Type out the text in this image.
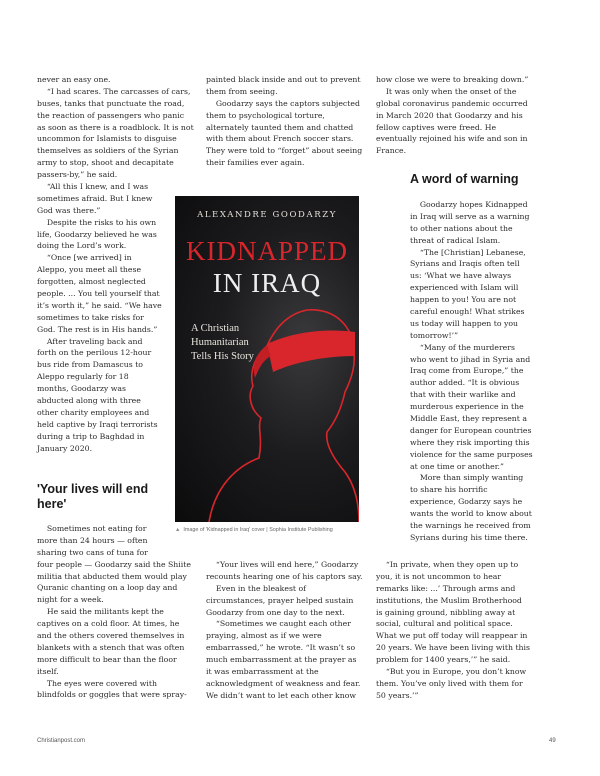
never an easy one.
“I had scares. The carcasses of cars,
buses, tanks that punctuate the road,
the reaction of passengers who panic
as soon as there is a roadblock. It is not
uncommon for Islamists to disguise
themselves as soldiers of the Syrian
army to stop, shoot and decapitate
passers-by,” he said.
“All this I knew, and I was
sometimes afraid. But I knew
God was there.”
Despite the risks to his own
life, Goodarzy believed he was
doing the Lord’s work.
“Once [we arrived] in
Aleppo, you meet all these
forgotten, almost neglected
people. ... You tell yourself that
it’s worth it,” he said. “We have
sometimes to take risks for
God. The rest is in His hands.”
After traveling back and
forth on the perilous 12-hour
bus ride from Damascus to
Aleppo regularly for 18
months, Goodarzy was
abducted along with three
other charity employees and
held captive by Iraqi terrorists
during a trip to Baghdad in
January 2020.
'Your lives will end
here'
Sometimes not eating for
more than 24 hours — often
sharing two cans of tuna for
four people — Goodarzy said the Shiite
militia that abducted them would play
Quranic chanting on a loop day and
night for a week.
He said the militants kept the
captives on a cold floor. At times, he
and the others covered themselves in
blankets with a stench that was often
more difficult to bear than the floor
itself.
The eyes were covered with
blindfolds or goggles that were spray-
painted black inside and out to prevent
them from seeing.
Goodarzy says the captors subjected
them to psychological torture,
alternately taunted them and chatted
with them about French soccer stars.
They were told to “forget” about seeing
their families ever again.
“Your lives will end here,” Goodarzy
recounts hearing one of his captors say.
Even in the bleakest of
circumstances, prayer helped sustain
Goodarzy from one day to the next.
“Sometimes we caught each other
praying, almost as if we were
embarrassed,” he wrote. “It wasn’t so
much embarrassment at the prayer as
it was embarrassment at the
acknowledgment of weakness and fear.
We didn’t want to let each other know
how close we were to breaking down.”
It was only when the onset of the
global coronavirus pandemic occurred
in March 2020 that Goodarzy and his
fellow captives were freed. He
eventually rejoined his wife and son in
France.
A word of warning
Goodarzy hopes Kidnapped
in Iraq will serve as a warning
to other nations about the
threat of radical Islam.
“The [Christian] Lebanese,
Syrians and Iraqis often tell
us: ‘What we have always
experienced with Islam will
happen to you! You are not
careful enough! What strikes
us today will happen to you
tomorrow!’”
“Many of the murderers
who went to jihad in Syria and
Iraq come from Europe,” the
author added. “It is obvious
that with their warlike and
murderous experience in the
Middle East, they represent a
danger for European countries
where they risk importing this
violence for the same purposes
at one time or another.”
More than simply wanting
to share his horrific
experience, Godarzy says he
wants the world to know about
the warnings he received from
Syrians during his time there.
“In private, when they open up to
you, it is not uncommon to hear
remarks like: ...’ Through arms and
institutions, the Muslim Brotherhood
is gaining ground, nibbling away at
social, cultural and political space.
What we put off today will reappear in
20 years. We have been living with this
problem for 1400 years,’” he said.
“But you in Europe, you don’t know
them. You’ve only lived with them for
50 years.’”
ALEXANDRE GOODARZY
KIDNAPPED
IN IRAQ
A Christian
Humanitarian
Tells His Story
▲ Image of 'Kidnapped in Iraq' cover | Sophia Institute Publishing
Christianpost.com	49
